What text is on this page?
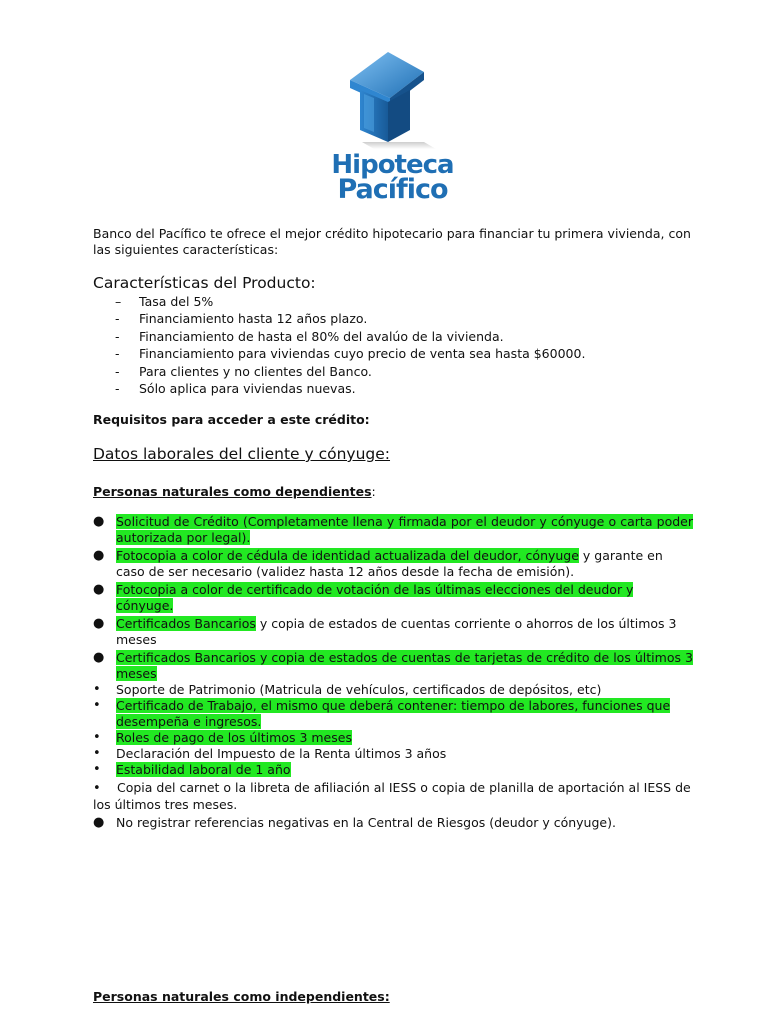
Hipoteca
Pacífico

Banco del Pacífico te ofrece el mejor crédito hipotecario para financiar tu primera vivienda, con las siguientes características:

Características del Producto:
– Tasa del 5%
- Financiamiento hasta 12 años plazo.
- Financiamiento de hasta el 80% del avalúo de la vivienda.
- Financiamiento para viviendas cuyo precio de venta sea hasta $60000.
- Para clientes y no clientes del Banco.
- Sólo aplica para viviendas nuevas.
Requisitos para acceder a este crédito:
Datos laborales del cliente y cónyuge:
Personas naturales como dependientes:
● Solicitud de Crédito (Completamente llena y firmada por el deudor y cónyuge o carta poder autorizada por legal).
● Fotocopia a color de cédula de identidad actualizada del deudor, cónyuge y garante en caso de ser necesario (validez hasta 12 años desde la fecha de emisión).
● Fotocopia a color de certificado de votación de las últimas elecciones del deudor y cónyuge.
● Certificados Bancarios y copia de estados de cuentas corriente o ahorros de los últimos 3 meses
● Certificados Bancarios y copia de estados de cuentas de tarjetas de crédito de los últimos 3 meses
• Soporte de Patrimonio (Matricula de vehículos, certificados de depósitos, etc)
• Certificado de Trabajo, el mismo que deberá contener: tiempo de labores, funciones que desempeña e ingresos.
• Roles de pago de los últimos 3 meses
• Declaración del Impuesto de la Renta últimos 3 años
• Estabilidad laboral de 1 año
• Copia del carnet o la libreta de afiliación al IESS o copia de planilla de aportación al IESS de los últimos tres meses.
● No registrar referencias negativas en la Central de Riesgos (deudor y cónyuge).
Personas naturales como independientes:
